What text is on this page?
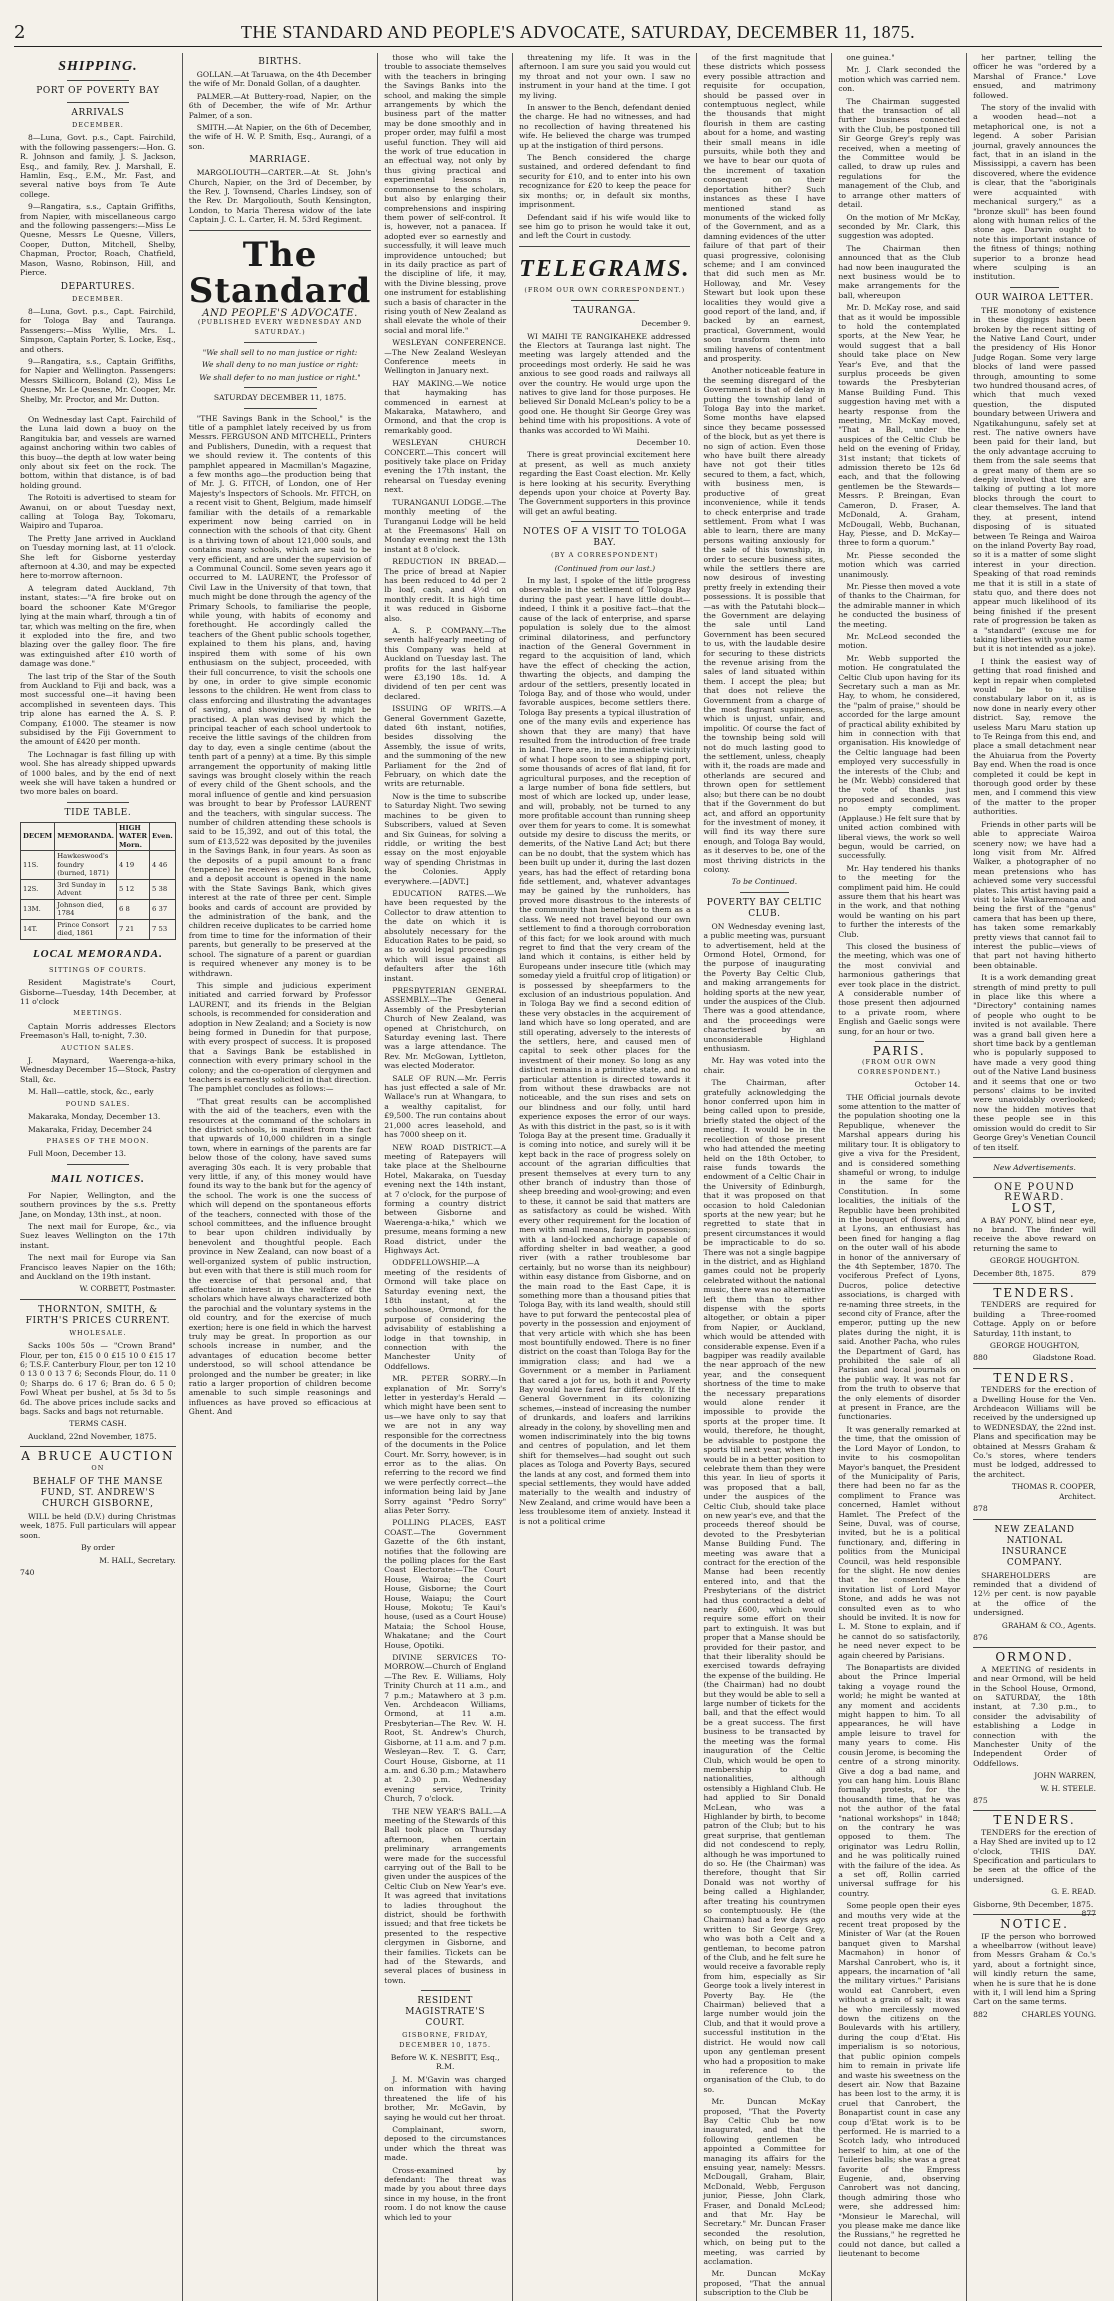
2	THE STANDARD AND PEOPLE'S ADVOCATE, SATURDAY, DECEMBER 11, 1875.
SHIPPING.
PORT OF POVERTY BAY
ARRIVALS
DECEMBER.

8—Luna, Govt. p.s., Capt. Fairchild, with the following passengers:—Hon. G. R. Johnson and family, J. S. Jackson, Esq., and family, Rev. J. Marshall, E. Hamlin, Esq., E.M., Mr. Fast, and several native boys from Te Aute college.

9—Rangatira, s.s., Captain Griffiths, from Napier, with miscellaneous cargo and the following passengers:—Miss Le Quesne, Messrs Le Quesne, Villers, Cooper, Dutton, Mitchell, Shelby, Chapman, Proctor, Roach, Chatfield, Mason, Wasno, Robinson, Hill, and Pierce.

DEPARTURES.
DECEMBER.

8—Luna, Govt. p.s., Capt. Fairchild, for Tologa Bay and Tauranga. Passengers:—Miss Wyllie, Mrs. L. Simpson, Captain Porter, S. Locke, Esq., and others.

9—Rangatira, s.s., Captain Griffiths, for Napier and Wellington. Passengers: Messrs Skillicorn, Boland (2), Miss Le Quesne, Mr. Le Quesne, Mr. Cooper, Mr. Shelby, Mr. Proctor, and Mr. Dutton.

On Wednesday last Capt. Fairchild of the Luna laid down a buoy on the Rangitukia bar, and vessels are warned against anchoring within two cables of this buoy—the depth at low water being only about six feet on the rock. The bottom, within that distance, is of bad holding ground.

The Rotoiti is advertised to steam for Awanui, on or about Tuesday next, calling at Tologa Bay, Tokomaru, Waipiro and Tuparoa.

The Pretty Jane arrived in Auckland on Tuesday morning last, at 11 o'clock. She left for Gisborne yesterday afternoon at 4.30, and may be expected here to-morrow afternoon.

A telegram dated Auckland, 7th instant, states:—"A fire broke out on board the schooner Kate M'Gregor lying at the main wharf, through a tin of tar, which was melting on the fire, when it exploded into the fire, and two blazing over the galley floor. The fire was extinguished after £10 worth of damage was done."

The last trip of the Star of the South from Auckland to Fiji and back, was a most successful one—it having been accomplished in seventeen days. This trip alone has earned the A. S. P. Company, £1000. The steamer is now subsidised by the Fiji Government to the amount of £420 per month.

The Lochnagar is fast filling up with wool. She has already shipped upwards of 1000 bales, and by the end of next week she will have taken a hundred or two more bales on board.

TIDE TABLE.
DECEM	MEMORANDA.	HIGH WATER Morn.	Even.
11S.	Hawkeswood's foundry (burned, 1871)	4 19	4 46
12S.	3rd Sunday in Advent	5 12	5 38
13M.	Johnson died, 1784	6 8	6 37
14T.	Prince Consort died, 1861	7 21	7 53
LOCAL MEMORANDA.
SITTINGS OF COURTS.

Resident Magistrate's Court, Gisborne—Tuesday, 14th December, at 11 o'clock

MEETINGS.

Captain Morris addresses Electors Freemason's Hall, to-night, 7.30.

AUCTION SALES.

J. Maynard, Waerenga-a-hika, Wednesday December 15—Stock, Pastry Stall, &c.

M. Hall—cattle, stock, &c., early

POUND SALES.

Makaraka, Monday, December 13.

Makaraka, Friday, December 24

PHASES OF THE MOON.

Full Moon, December 13.

MAIL NOTICES.

For Napier, Wellington, and the southern provinces by the s.s. Pretty Jane, on Monday, 13th inst., at noon.

The next mail for Europe, &c., via Suez leaves Wellington on the 17th instant.

The next mail for Europe via San Francisco leaves Napier on the 16th; and Auckland on the 19th instant.

W. CORBETT, Postmaster.

THORNTON, SMITH, & FIRTH'S PRICES CURRENT.
WHOLESALE.

Sacks 100s 50s — "Crown Brand" Flour, per ton, £15 0 0 £15 10 0 £15 17 6; T.S.F. Canterbury Flour, per ton 12 10 0 13 0 0 13 7 6; Seconds Flour, do. 11 0 0; Sharps do. 6 17 6; Bran do. 6 5 0; Fowl Wheat per bushel, at 5s 3d to 5s 6d. The above prices include sacks and bags. Sacks and bags not returnable.

TERMS CASH.

Auckland, 22nd November, 1875.

A BRUCE AUCTION
ON
BEHALF OF THE MANSE FUND, ST. ANDREW'S CHURCH GISBORNE,

WILL be held (D.V.) during Christmas week, 1875. Full particulars will appear soon.

By order

M. HALL, Secretary.

740

BIRTHS.

GOLLAN.—At Taruawa, on the 4th December the wife of Mr. Donald Gollan, of a daughter.

PALMER.—At Buttery-road, Napier, on the 6th of December, the wife of Mr. Arthur Palmer, of a son.

SMITH.—At Napier, on the 6th of December, the wife of H. W. P. Smith, Esq., Aurangi, of a son.

MARRIAGE.

MARGOLIOUTH—CARTER.—At St. John's Church, Napier, on the 3rd of December, by the Rev. J. Townsend, Charles Lindsey, son of the Rev. Dr. Margoliouth, South Kensington, London, to Maria Theresa widow of the late Captain J. C. L. Carter, H. M. 53rd Regiment.

The Standard
AND PEOPLE'S ADVOCATE.
(PUBLISHED EVERY WEDNESDAY AND SATURDAY.)

"We shall sell to no man justice or right:

We shall deny to no man justice or right:

We shall defer to no man justice or right."

SATURDAY DECEMBER 11, 1875.

"THE Savings Bank in the School," is the title of a pamphlet lately received by us from Messrs. FERGUSON AND MITCHELL, Printers and Publishers, Dunedin, with a request that we should review it. The contents of this pamphlet appeared in Macmillan's Magazine, a few months ago—the production being that of Mr. J. G. FITCH, of London, one of Her Majesty's Inspectors of Schools. Mr. FITCH, on a recent visit to Ghent, Belgium, made himself familiar with the details of a remarkable experiment now being carried on in connection with the schools of that city. Ghent is a thriving town of about 121,000 souls, and contains many schools, which are said to be very efficient, and are under the supervision of a Communal Council. Some seven years ago it occurred to M. LAURENT, the Professor of Civil Law in the University of that town, that much might be done through the agency of the Primary Schools, to familiarise the people, while young, with habits of economy and forethought. He accordingly called the teachers of the Ghent public schools together, explained to them his plans, and, having inspired them with some of his own enthusiasm on the subject, proceeded, with their full concurrence, to visit the schools one by one, in order to give simple economic lessons to the children. He went from class to class enforcing and illustrating the advantages of saving, and showing how it might be practised. A plan was devised by which the principal teacher of each school undertook to receive the little savings of the children from day to day, even a single centime (about the tenth part of a penny) at a time. By this simple arrangement the opportunity of making little savings was brought closely within the reach of every child of the Ghent schools, and the moral influence of gentle and kind persuasion was brought to bear by Professor LAURENT and the teachers, with singular success. The number of children attending these schools is said to be 15,392, and out of this total, the sum of £13,522 was deposited by the juveniles in the Savings Bank, in four years. As soon as the deposits of a pupil amount to a franc (tenpence) he receives a Savings Bank book, and a deposit account is opened in the name with the State Savings Bank, which gives interest at the rate of three per cent. Simple books and cards of account are provided by the administration of the bank, and the children receive duplicates to be carried home from time to time for the information of their parents, but generally to be preserved at the school. The signature of a parent or guardian is required whenever any money is to be withdrawn.

This simple and judicious experiment initiated and carried forward by Professor LAURENT, and its friends in the Belgian schools, is recommended for consideration and adoption in New Zealand; and a Society is now being formed in Dunedin for that purpose, with every prospect of success. It is proposed that a Savings Bank be established in connection with every primary school in the colony; and the co-operation of clergymen and teachers is earnestly solicited in that direction. The pamphlet concludes as follows:—

"That great results can be accomplished with the aid of the teachers, even with the resources at the command of the scholars in the district schools, is manifest from the fact that upwards of 10,000 children in a single town, where in earnings of the parents are far below those of the colony, have saved sums averaging 30s each. It is very probable that very little, if any, of this money would have found its way to the bank but for the agency of the school. The work is one the success of which will depend on the spontaneous efforts of the teachers, connected with those of the school committees, and the influence brought to bear upon children individually by benevolent and thoughtful people. Each province in New Zealand, can now boast of a well-organized system of public instruction, but even with that there is still much room for the exercise of that personal and, that affectionate interest in the welfare of the scholars which have always characterized both the parochial and the voluntary systems in the old country, and for the exercise of much exertion; here is one field in which the harvest truly may be great. In proportion as our schools increase in number, and the advantages of education become better understood, so will school attendance be prolonged and the number be greater; in like ratio a larger proportion of children become amenable to such simple reasonings and influences as have proved so efficacious at Ghent. And

those who will take the trouble to associate themselves with the teachers in bringing the Savings Banks into the school, and making the simple arrangements by which the business part of the matter may be done smoothly and in proper order, may fulfil a most useful function. They will aid the work of true education in an effectual way, not only by thus giving practical and experimental lessons in commonsense to the scholars, but also by enlarging their comprehensions and inspiring them power of self-control. It is, however, not a panacea. If adopted ever so earnestly and successfully, it will leave much improvidence untouched; but in its daily practice as part of the discipline of life, it may, with the Divine blessing, prove one instrument for establishing such a basis of character in the rising youth of New Zealand as shall elevate the whole of their social and moral life."

WESLEYAN CONFERENCE.—The New Zealand Wesleyan Conference meets in Wellington in January next.

HAY MAKING.—We notice that haymaking has commenced in earnest at Makaraka, Matawhero, and Ormond, and that the crop is remarkably good.

WESLEYAN CHURCH CONCERT.—This concert will positively take place on Friday evening the 17th instant, the rehearsal on Tuesday evening next.

TURANGANUI LODGE.—The monthly meeting of the Turanganui Lodge will be held at the Freemasons' Hall on Monday evening next the 13th instant at 8 o'clock.

REDUCTION IN BREAD.—The price of bread at Napier has been reduced to 4d per 2 lb loaf, cash, and 4½d on monthly credit. It is high time it was reduced in Gisborne also.

A. S. P. COMPANY.—The seventh half-yearly meeting of this Company was held at Auckland on Tuesday last. The profits for the last half-year were £3,190 18s. 1d. A dividend of ten per cent was declared.

ISSUING OF WRITS.—A General Government Gazette, dated 6th instant, notifies, besides dissolving the Assembly, the issue of writs, and the summoning of the new Parliament for the 2nd of February, on which date the writs are returnable.

Now is the time to subscribe to Saturday Night. Two sewing machines to be given to Subscribers, valued at Seven and Six Guineas, for solving a riddle, or writing the best essay on the most enjoyable way of spending Christmas in the Colonies. Apply everywhere.—[ADVT.]

EDUCATION RATES.—We have been requested by the Collector to draw attention to the date on which it is absolutely necessary for the Education Rates to be paid, so as to avoid legal proceedings which will issue against all defaulters after the 16th instant.

PRESBYTERIAN GENERAL ASSEMBLY.—The General Assembly of the Presbyterian Church of New Zealand, was opened at Christchurch, on Saturday evening last. There was a large attendance. The Rev. Mr. McGowan, Lyttleton, was elected Moderator.

SALE OF RUN.—Mr. Ferris has just effected a sale of Mr. Wallace's run at Whangara, to a wealthy capitalist, for £9,500. The run contains about 21,000 acres leasehold, and has 7000 sheep on it.

NEW ROAD DISTRICT.—A meeting of Ratepayers will take place at the Shelbourne Hotel, Makaraka, on Tuesday evening next the 14th instant, at 7 o'clock, for the purpose of forming a country district between Gisborne and Waerenga-a-hika," which we presume, means forming a new Road district, under the Highways Act.

ODDFELLOWSHIP.—A meeting of the residents of Ormond will take place on Saturday evening next, the 18th instant, at the schoolhouse, Ormond, for the purpose of considering the advisability of establishing a lodge in that township, in connection with the Manchester Unity of Oddfellows.

MR. PETER SORRY.—In explanation of Mr. Sorry's letter in yesterday's Herald —which might have been sent to us—we have only to say that we are not in any way responsible for the correctness of the documents in the Police Court. Mr. Sorry, however, is in error as to the alias. On referring to the record we find we were perfectly correct—the information being laid by Jane Sorry against "Pedro Sorry" alias Peter Sorry.

POLLING PLACES, EAST COAST.—The Government Gazette of the 6th instant, notifies that the following are the polling places for the East Coast Electorate:—The Court House, Wairoa; the Court House, Gisborne; the Court House, Waiapu; the Court House, Mokotu; Te Kaui's house, (used as a Court House) Mataia; the School House, Whakatane; and the Court House, Opotiki.

DIVINE SERVICES TO-MORROW.—Church of England—The Rev. E. Williams, Holy Trinity Church at 11 a.m., and 7 p.m.; Matawhero at 3 p.m. Ven. Archdeacon Williams, Ormond, at 11 a.m. Presbyterian—The Rev. W. H. Root, St. Andrew's Church, Gisborne, at 11 a.m. and 7 p.m. Wesleyan—Rev. T. G. Carr, Court House, Gisborne, at 11 a.m. and 6.30 p.m.; Matawhero at 2.30 p.m. Wednesday evening service, Trinity Church, 7 o'clock.

THE NEW YEAR'S BALL.—A meeting of the Stewards of this Ball took place on Thursday afternoon, when certain preliminary arrangements were made for the successful carrying out of the Ball to be given under the auspices of the Celtic Club on New Year's eve. It was agreed that invitations to ladies throughout the district, should be forthwith issued; and that free tickets be presented to the respective clergymen in Gisborne, and their families. Tickets can be had of the Stewards, and several places of business in town.

RESIDENT MAGISTRATE'S COURT.
GISBORNE, FRIDAY, DECEMBER 10, 1875.

Before W. K. NESBITT, Esq., R.M.

J. M. M'Gavin was charged on information with having threatened the life of his brother, Mr. McGavin, by saying he would cut her throat.

Complainant, sworn, deposed to the circumstances under which the threat was made.

Cross-examined by defendant: The threat was made by you about three days since in my house, in the front room. I do not know the cause which led to your

threatening my life. It was in the afternoon. I am sure you said you would cut my throat and not your own. I saw no instrument in your hand at the time. I got my living.

In answer to the Bench, defendant denied the charge. He had no witnesses, and had no recollection of having threatened his wife. He believed the charge was trumped up at the instigation of third persons.

The Bench considered the charge sustained, and ordered defendant to find security for £10, and to enter into his own recognizance for £20 to keep the peace for six months; or, in default six months, imprisonment.

Defendant said if his wife would like to see him go to prison he would take it out, and left the Court in custody.

TELEGRAMS.
(FROM OUR OWN CORRESPONDENT.)
TAURANGA.

December 9.

WI MAIHI TE RANGIKAHEKE addressed the Electors at Tauranga last night. The meeting was largely attended and the proceedings most orderly. He said he was anxious to see good roads and railways all over the country. He would urge upon the natives to give land for those purposes. He believed Sir Donald McLean's policy to be a good one. He thought Sir George Grey was behind time with his propositions. A vote of thanks was accorded to Wi Maihi.

December 10.

There is great provincial excitement here at present, as well as much anxiety regarding the East Coast election. Mr. Kelly is here looking at his security. Everything depends upon your choice at Poverty Bay. The Government supporters in this province will get an awful beating.

NOTES OF A VISIT TO TOLOGA BAY.
(BY A CORRESPONDENT)

(Continued from our last.)

In my last, I spoke of the little progress observable in the settlement of Tologa Bay during the past year. I have little doubt—indeed, I think it a positive fact—that the cause of the lack of enterprise, and sparse population is solely due to the almost criminal dilatoriness, and perfunctory inaction of the General Government in regard to the acquisition of land, which have the effect of checking the action, thwarting the objects, and damping the ardour of the settlers, presently located in Tologa Bay, and of those who would, under favorable auspices, become settlers there. Tologa Bay presents a typical illustration of one of the many evils and experience has shown that they are many) that have resulted from the introduction of free trade in land. There are, in the immediate vicinity of what I hope soon to see a shipping port, some thousands of acres of flat land, fit for agricultural purposes, and the reception of a large number of bona fide settlers, but most of which are locked up, under lease, and will, probably, not be turned to any more profitable account than running sheep over them for years to come. It is somewhat outside my desire to discuss the merits, or demerits, of the Native Land Act; but there can be no doubt, that the system which has been built up under it, during the last dozen years, has had the effect of retarding bona fide settlement, and, whatever advantages may be gained by the runholders, has proved more disastrous to the interests of the community than beneficial to them as a class. We need not travel beyond our own settlement to find a thorough corroboration of this fact; for we look around with much regret to find that the very cream of the land which it contains, is either held by Europeans under insecure title (which may someday yield a fruitful crop of litigation) or is possessed by sheepfarmers to the exclusion of an industrious population. And in Tologa Bay we find a second edition of these very obstacles in the acquirement of land which have so long operated, and are still operating, adversely to the interests of the settlers, here, and caused men of capital to seek other places for the investment of their money. So long as any distinct remains in a primitive state, and no particular attention is directed towards it from without these drawbacks are not noticeable, and the sun rises and sets on our blindness and our folly, until hard experience exposes the error of our ways. As with this district in the past, so is it with Tologa Bay at the present time. Gradually it is coming into notice, and surely will it be kept back in the race of progress solely on account of the agrarian difficulties that present themselves at every turn to any other branch of industry than those of sheep breeding and wool-growing; and even to these, it cannot be said that matters are as satisfactory as could be wished. With every other requirement for the location of men with small means, fairly in possession; with a land-locked anchorage capable of affording shelter in bad weather, a good river (with a rather troublesome bar certainly, but no worse than its neighbour) within easy distance from Gisborne, and on the main road to the East Cape, it is something more than a thousand pities that Tologa Bay, with its land wealth, should still have to put forward the pentecostal plea of poverty in the possession and enjoyment of that very article with which she has been most bountifully endowed. There is no finer district on the coast than Tologa Bay for the immigration class; and had we a Government or a member in Parliament that cared a jot for us, both it and Poverty Bay would have fared far differently. If the General Government in its colonizing schemes,—instead of increasing the number of drunkards, and loafers and larrikins already in the colony, by shovelling men and women indiscriminately into the big towns and centres of population, and let them shift for themselves—had sought out such places as Tologa and Poverty Bays, secured the lands at any cost, and formed them into special settlements, they would have added materially to the wealth and industry of New Zealand, and crime would have been a less troublesome item of anxiety. Instead it is not a political crime

of the first magnitude that these districts which possess every possible attraction and requisite for occupation, should be passed over in contemptuous neglect, while the thousands that might flourish in them are casting about for a home, and wasting their small means in idle pursuits, while both they and we have to bear our quota of the increment of taxation consequent on their deportation hither? Such instances as these I have mentioned stand as monuments of the wicked folly of the Government, and as a damning evidences of the utter failure of that part of their quasi progressive, colonising scheme; and I am convinced that did such men as Mr. Holloway, and Mr. Vesey Stewart but look upon these localities they would give a good report of the land, and, if backed by an earnest, practical, Government, would soon transform them into smiling havens of contentment and prosperity.

Another noticeable feature in the seeming disregard of the Government is that of delay in putting the township land of Tologa Bay into the market. Some months have elapsed since they became possessed of the block, but as yet there is no sign of action. Even those who have built there already have not got their titles secured to them, a fact, which, with business men, is productive of great inconvenience, while it tends to check enterprise and trade settlement. From what I was able to learn, there are many persons waiting anxiously for the sale of this township, in order to secure business sites, while the settlers there are now desirous of investing pretty freely in extending their possessions. It is possible that—as with the Patutahi block—the Government are delaying the sale until Land Government has been secured to us, with the laudable desire for securing to these districts the revenue arising from the sales of land situated within them. I accept the plea; but that does not relieve the Government from a charge of the most flagrant supineness, which is unjust, unfair, and impolitic. Of course the fact of the township being sold will not do much lasting good to the settlement, unless, cheaply with it, the roads are made and otherlands are secured and thrown open for settlement also; but there can be no doubt that if the Government do but act, and afford an opportunity for the investment of money, it will find its way there sure enough, and Tologa Bay would, as it deserves to be, one of the most thriving districts in the colony.

To be Continued.

POVERTY BAY CELTIC CLUB.

ON Wednesday evening last, a public meeting was, pursuant to advertisement, held at the Ormond Hotel, Ormond, for the purpose of inaugurating the Poverty Bay Celtic Club, and making arrangements for holding sports at the new year, under the auspices of the Club. There was a good attendance, and the proceedings were characterised by an unconsiderable Highland enthusiasm.

Mr. Hay was voted into the chair.

The Chairman, after gratefully acknowledging the honor conferred upon him in being called upon to preside, briefly stated the object of the meeting. It would be in the recollection of those present who had attended the meeting held on the 18th October, to raise funds towards the endowment of a Celtic Chair in the University of Edinburgh, that it was proposed on that occasion to hold Caledonian sports at the new year; but he regretted to state that in present circumstances it would be impracticable to do so. There was not a single bagpipe in the district, and as Highland games could not be properly celebrated without the national music, there was no alternative left them than to either dispense with the sports altogether, or obtain a piper from Napier, or Auckland, which would be attended with considerable expense. Even if a bagpiper was readily available the near approach of the new year, and the consequent shortness of the time to make the necessary preparations would alone render it impossible to provide the sports at the proper time. It would, therefore, he thought, be advisable to postpone the sports till next year, when they would be in a better position to celebrate them than they were this year. In lieu of sports it was proposed that a ball, under the auspices of the Celtic Club, should take place on new year's eve, and that the proceeds thereof should be devoted to the Presbyterian Manse Building Fund. The meeting was aware that a contract for the erection of the Manse had been recently entered into, and that the Presbyterians of the district had thus contracted a debt of nearly £600, which would require some effort on their part to extinguish. It was but proper that a Manse should be provided for their pastor, and that their liberality should be exercised towards defraying the expense of the building. He (the Chairman) had no doubt but they would be able to sell a large number of tickets for the ball, and that the effect would be a great success. The first business to be transacted by the meeting was the formal inauguration of the Celtic Club, which would be open to membership to all nationalities, although ostensibly a Highland Club. He had applied to Sir Donald McLean, who was a Highlander by birth, to become patron of the Club; but to his great surprise, that gentleman did not condescend to reply, although he was importuned to do so. He (the Chairman) was therefore, thought that Sir Donald was not worthy of being called a Highlander, after treating his countrymen so contemptuously. He (the Chairman) had a few days ago written to Sir George Grey, who was both a Celt and a gentleman, to become patron of the Club, and he felt sure he would receive a favorable reply from him, especially as Sir George took a lively interest in Poverty Bay. He (the Chairman) believed that a large number would join the Club, and that it would prove a successful institution in the district. He would now call upon any gentleman present who had a proposition to make in reference to the organisation of the Club, to do so.

Mr. Duncan McKay proposed, "That the Poverty Bay Celtic Club be now inaugurated, and that the following gentlemen be appointed a Committee for managing its affairs for the ensuing year, namely: Messrs. McDougall, Graham, Blair, McDonald, Webb, Ferguson junior, Piesse, John Clark, Fraser, and Donald McLeod; and that Mr. Hay be Secretary." Mr. Duncan Fraser seconded the resolution, which, on being put to the meeting, was carried by acclamation.

Mr. Duncan McKay proposed, "That the annual subscription to the Club be

one guinea."

Mr. J. Clark seconded the motion which was carried nem. con.

The Chairman suggested that the transaction of all further business connected with the Club, be postponed till Sir George Grey's reply was received, when a meeting of the Committee would be called, to draw up rules and regulations for the management of the Club, and to arrange other matters of detail.

On the motion of Mr McKay, seconded by Mr. Clark, this suggestion was adopted.

The Chairman then announced that as the Club had now been inaugurated the next business would be to make arrangements for the ball, whereupon

Mr. D. McKay rose, and said that as it would be impossible to hold the contemplated sports, at the New Year, he would suggest that a ball should take place on New Year's Eve, and that the surplus proceeds be given towards the Presbyterian Manse Building Fund. This suggestion having met with a hearty response from the meeting, Mr. McKay moved, "That a Ball, under the auspices of the Celtic Club be held on the evening of Friday, 31st instant; that tickets of admission thereto be 12s 6d each, and that the following gentlemen be the Stewards—Messrs. P. Breingan, Evan Cameron, D. Fraser, A. McDonald, A. Graham, McDougall, Webb, Buchanan, Hay, Piesse, and D. McKay—three to form a quorum."

Mr. Piesse seconded the motion which was carried unanimously.

Mr. Piesse then moved a vote of thanks to the Chairman, for the admirable manner in which he conducted the business of the meeting.

Mr. McLeod seconded the motion.

Mr. Webb supported the motion. He congratulated the Celtic Club upon having for its Secretary such a man as Mr. Hay, to whom, he considered, the "palm of praise," should be accorded for the large amount of practical ability exhibited by him in connection with that organisation. His knowledge of the Celtic language had been employed very successfully in the interests of the Club; and he (Mr. Webb) considered that the vote of thanks just proposed and seconded, was no empty compliment. (Applause.) He felt sure that by united action combined with liberal views, the work so well begun, would be carried, on successfully.

Mr. Hay tendered his thanks to the meeting for the compliment paid him. He could assure them that his heart was in the work, and that nothing would be wanting on his part to further the interests of the Club.

This closed the business of the meeting, which was one of the most convivial and harmonious gatherings that ever took place in the district. A considerable number of those present then adjourned to a private room, where English and Gaelic songs were sung, for an hour or two.

PARIS.
(FROM OUR OWN CORRESPONDENT.)

October 14.

THE Official journals devote some attention to the matter of the population shooting one la Republique, whenever the Marshal appears during his military tour. It is obligatory to give a viva for the President, and is considered something shameful or wrong, to indulge in the same for the Constitution. In some localities, the initials of the Republic have been prohibited in the bouquet of flowers, and at Lyons, an enthusiast has been fined for hanging a flag on the outer wall of his abode in honor of the anniversary of the 4th September, 1870. The vociferous Prefect of Lyons, Ducros, police detective associations, is charged with re-naming three streets, in the second city of France, after the emperor, putting up the new plates during the night, it is said. Another Pacha, who rules the Department of Gard, has prohibited the sale of all Parisian and local journals on the public way. It was not far from the truth to observe that the only elements of disorder at present in France, are the functionaries.

It was generally remarked at the time, that the omission of the Lord Mayor of London, to invite to his cosmopolitan Mayor's banquet, the President of the Municipality of Paris, there had been no far as the compliment to France was concerned, Hamlet without Hamlet. The Prefect of the Seine, Duval, was of course, invited, but he is a political functionary, and, differing in politics from the Municipal Council, was held responsible for the slight. He now denies that he consented the invitation list of Lord Mayor Stone, and adds he was not consulted even as to who should be invited. It is now for L. M. Stone to explain, and if he cannot do so satisfactorily, he need never expect to be again cheered by Parisians.

The Bonapartists are divided about the Prince Imperial taking a voyage round the world; he might be wanted at any moment and accidents might happen to him. To all appearances, he will have ample leisure to travel for many years to come. His cousin Jerome, is becoming the centre of a strong minority. Give a dog a bad name, and you can hang him. Louis Blanc formally protests, for the thousandth time, that he was not the author of the fatal "national workshops" in 1848; on the contrary he was opposed to them. The originator was Ledru Rollin, and he was politically ruined with the failure of the idea. As a set off, Rollin carried universal suffrage for his country.

Some people open their eyes and mouths very wide at the recent treat proposed by the Minister of War (at the Rouen banquet given to Marshal Macmahon) in honor of Marshal Canrobert, who is, it appears, the incarnation of "all the military virtues." Parisians would eat Canrobert, even without a grain of salt; it was he who mercilessly mowed down the citizens on the Boulevards with his artillery, during the coup d'Etat. His imperialism is so notorious, that public opinion compels him to remain in private life and waste his sweetness on the desert air. Now that Bazaine has been lost to the army, it is cruel that Canrobert, the Bonapartist count in case any coup d'Etat work is to be performed. He is married to a Scotch lady, who introduced herself to him, at one of the Tuileries balls; she was a great favorite of the Empress Eugenie, and, observing Canrobert was not dancing, though admiring those who were, she addressed him: "Monsieur le Marechal, will you please make me dance like the Russians," he regretted he could not dance, but called a lieutenant to become

her partner, telling the officer he was "ordered by a Marshal of France." Love ensued, and matrimony followed.

The story of the invalid with a wooden head—not a metaphorical one, is not a legend. A sober Parisian journal, gravely announces the fact, that in an island in the Mississippi, a cavern has been discovered, where the evidence is clear, that the "aboriginals were acquainted with mechanical surgery," as a "bronze skull" has been found along with human relics of the stone age. Darwin ought to note this important instance of the fitness of things; nothing superior to a bronze head where sculping is an institution.

OUR WAIROA LETTER.

THE monotony of existence in these diggings has been broken by the recent sitting of the Native Land Court, under the presidency of His Honor Judge Rogan. Some very large blocks of land were passed through, amounting to some two hundred thousand acres, of which that much vexed question, the disputed boundary between Uriwera and Ngatikahungunu, safely set at rest. The native owners have been paid for their land, but the only advantage accruing to them from the sale seems that a great many of them are so deeply involved that they are talking of putting a lot more blocks through the court to clear themselves. The land that they, at present, intend disposing of is situated between Te Reinga and Wairoa on the inland Poverty Bay road, so it is a matter of some slight interest in your direction. Speaking of that road reminds me that it is still in a state of statu quo, and there does not appear much likelihood of its being finished if the present rate of progression be taken as a "standard" (excuse me for taking liberties with your name but it is not intended as a joke).

I think the easiest way of getting that road finished and kept in repair when completed would be to utilise constabulary labor on it, as is now done in nearly every other district. Say, remove the useless Maru Maru station up to Te Reinga from this end, and place a small detachment near the Ahuiarua from the Poverty Bay end. When the road is once completed it could be kept in thorough good order by these men, and I commend this view of the matter to the proper authorities.

Friends in other parts will be able to appreciate Wairoa scenery now; we have had a long visit from Mr. Alfred Walker, a photographer of no mean pretensions who has achieved some very successful plates. This artist having paid a visit to lake Waikaremoana and being the first of the "genus" camera that has been up there, has taken some remarkably pretty views that cannot fail to interest the public—views of that part not having hitherto been obtainable.

It is a work demanding great strength of mind pretty to pull in place like this where a "Directory" containing names of people who ought to be invited is not available. There was a grand ball given here a short time back by a gentleman who is popularly supposed to have made a very good thing out of the Native Land business and it seems that one or two persons' claims to be invited were unavoidably overlooked; now the hidden motives that these people see in this omission would do credit to Sir George Grey's Venetian Council of ten itself.

New Advertisements.

ONE POUND REWARD.
LOST,

A BAY PONY, blind near eye, no brand. The finder will receive the above reward on returning the same to

GEORGE HOUGHTON.

December 8th, 1875.	879

TENDERS.

TENDERS are required for building a Three-roomed Cottage. Apply on or before Saturday, 11th instant, to

GEORGE HOUGHTON,

880	Gladstone Road.

TENDERS.

TENDERS for the erection of a Dwelling House for the Ven. Archdeacon Williams will be received by the undersigned up to WEDNESDAY, the 22nd inst. Plans and specification may be obtained at Messrs Graham & Co.'s stores, where tenders must be lodged, addressed to the architect.

THOMAS R. COOPER, Architect.

878

NEW ZEALAND NATIONAL INSURANCE COMPANY.

SHAREHOLDERS are reminded that a dividend of 12½ per cent. is now payable at the office of the undersigned.

GRAHAM & CO., Agents.

876

ORMOND.

A MEETING of residents in and near Ormond, will be held in the School House, Ormond, on SATURDAY, the 18th instant, at 7.30 p.m., to consider the advisability of establishing a Lodge in connection with the Manchester Unity of the Independent Order of Oddfellows.

JOHN WARREN,

W. H. STEELE.

875

TENDERS.

TENDERS for the erection of a Hay Shed are invited up to 12 o'clock, THIS DAY. Specification and particulars to be seen at the office of the undersigned.

G. E. READ.

Gisborne, 9th December, 1875.
877

NOTICE.

IF the person who borrowed a wheelbarrow (without leave) from Messrs Graham & Co.'s yard, about a fortnight since, will kindly return the same, when he is sure that he is done with it, I will lend him a Spring Cart on the same terms.

882	CHARLES YOUNG.
